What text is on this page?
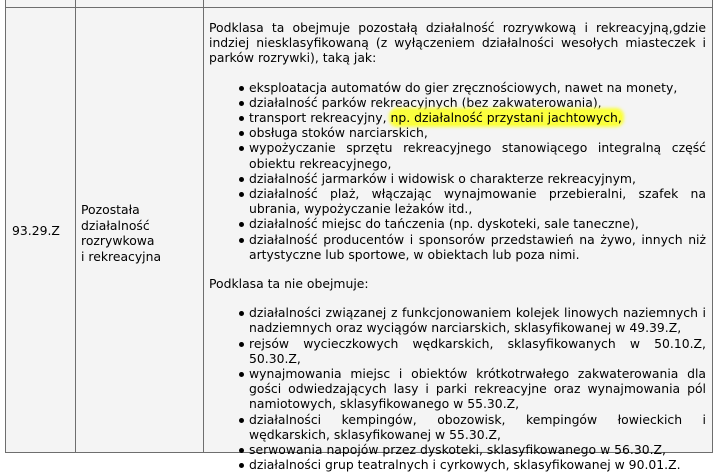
93.29.Z
Pozostała
działalność
rozrywkowa
i rekreacyjna

Podklasa ta obejmuje pozostałą działalność rozrywkową i rekreacyjną,gdzie indziej niesklasyfikowaną (z wyłączeniem działalności wesołych miasteczek i parków rozrywki), taką jak:

eksploatacja automatów do gier zręcznościowych, nawet na monety,
działalność parków rekreacyjnych (bez zakwaterowania),
transport rekreacyjny, np. działalność przystani jachtowych,
obsługa stoków narciarskich,
wypożyczanie sprzętu rekreacyjnego stanowiącego integralną część obiektu rekreacyjnego,
działalność jarmarków i widowisk o charakterze rekreacyjnym,
działalność plaż, włączając wynajmowanie przebieralni, szafek na ubrania, wypożyczanie leżaków itd.,
działalność miejsc do tańczenia (np. dyskoteki, sale taneczne),
działalność producentów i sponsorów przedstawień na żywo, innych niż artystyczne lub sportowe, w obiektach lub poza nimi.

Podklasa ta nie obejmuje:

działalności związanej z funkcjonowaniem kolejek linowych naziemnych i nadziemnych oraz wyciągów narciarskich, sklasyfikowanej w 49.39.Z,
rejsów wycieczkowych wędkarskich, sklasyfikowanych w 50.10.Z, 50.30.Z,
wynajmowania miejsc i obiektów krótkotrwałego zakwaterowania dla gości odwiedzających lasy i parki rekreacyjne oraz wynajmowania pól namiotowych, sklasyfikowanego w 55.30.Z,
działalności kempingów, obozowisk, kempingów łowieckich i wędkarskich, sklasyfikowanej w 55.30.Z,
serwowania napojów przez dyskoteki, sklasyfikowanego w 56.30.Z,
działalności grup teatralnych i cyrkowych, sklasyfikowanej w 90.01.Z.
